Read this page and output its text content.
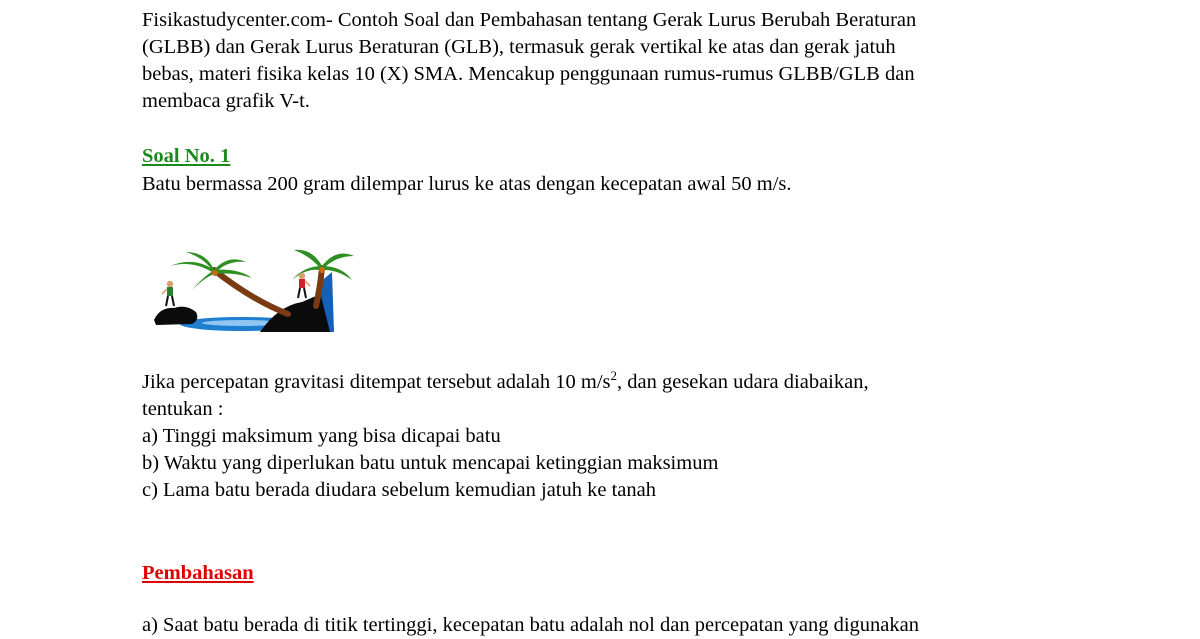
Fisikastudycenter.com- Contoh Soal dan Pembahasan tentang Gerak Lurus Berubah Beraturan
(GLBB) dan Gerak Lurus Beraturan (GLB), termasuk gerak vertikal ke atas dan gerak jatuh
bebas, materi fisika kelas 10 (X) SMA. Mencakup penggunaan rumus-rumus GLBB/GLB dan
membaca grafik V-t.

Soal No. 1

Batu bermassa 200 gram dilempar lurus ke atas dengan kecepatan awal 50 m/s.

Jika percepatan gravitasi ditempat tersebut adalah 10 $m/s^2$, dan gesekan udara diabaikan,

tentukan :

a) Tinggi maksimum yang bisa dicapai batu

b) Waktu yang diperlukan batu untuk mencapai ketinggian maksimum

c) Lama batu berada diudara sebelum kemudian jatuh ke tanah

Pembahasan

a) Saat batu berada di titik tertinggi, kecepatan batu adalah nol dan percepatan yang digunakan
